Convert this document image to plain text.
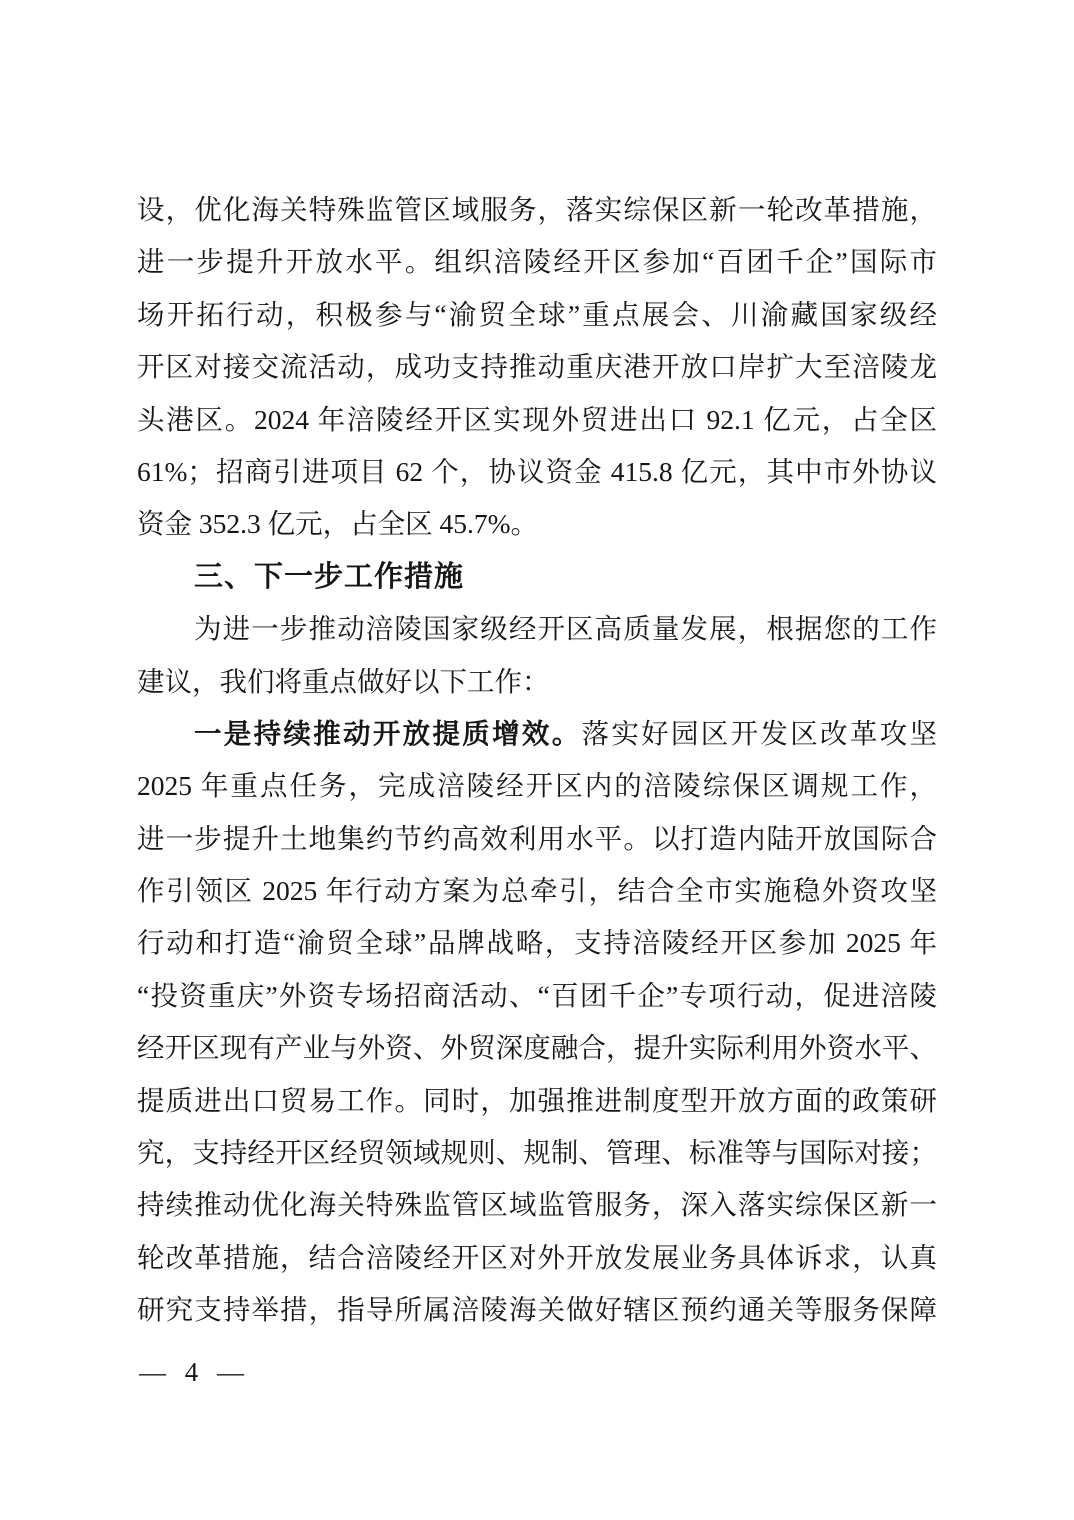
设，优化海关特殊监管区域服务，落实综保区新一轮改革措施，
进一步提升开放水平。组织涪陵经开区参加“百团千企”国际市
场开拓行动，积极参与“渝贸全球”重点展会、川渝藏国家级经
开区对接交流活动，成功支持推动重庆港开放口岸扩大至涪陵龙
头港区。2024 年涪陵经开区实现外贸进出口 92.1 亿元，占全区
61%；招商引进项目 62 个，协议资金 415.8 亿元，其中市外协议
资金 352.3 亿元，占全区 45.7%。
三、下一步工作措施
为进一步推动涪陵国家级经开区高质量发展，根据您的工作
建议，我们将重点做好以下工作：
一是持续推动开放提质增效。落实好园区开发区改革攻坚
2025 年重点任务，完成涪陵经开区内的涪陵综保区调规工作，
进一步提升土地集约节约高效利用水平。以打造内陆开放国际合
作引领区 2025 年行动方案为总牵引，结合全市实施稳外资攻坚
行动和打造“渝贸全球”品牌战略，支持涪陵经开区参加 2025 年
“投资重庆”外资专场招商活动、“百团千企”专项行动，促进涪陵
经开区现有产业与外资、外贸深度融合，提升实际利用外资水平、
提质进出口贸易工作。同时，加强推进制度型开放方面的政策研
究，支持经开区经贸领域规则、规制、管理、标准等与国际对接；
持续推动优化海关特殊监管区域监管服务，深入落实综保区新一
轮改革措施，结合涪陵经开区对外开放发展业务具体诉求，认真
研究支持举措，指导所属涪陵海关做好辖区预约通关等服务保障
— 4 —
